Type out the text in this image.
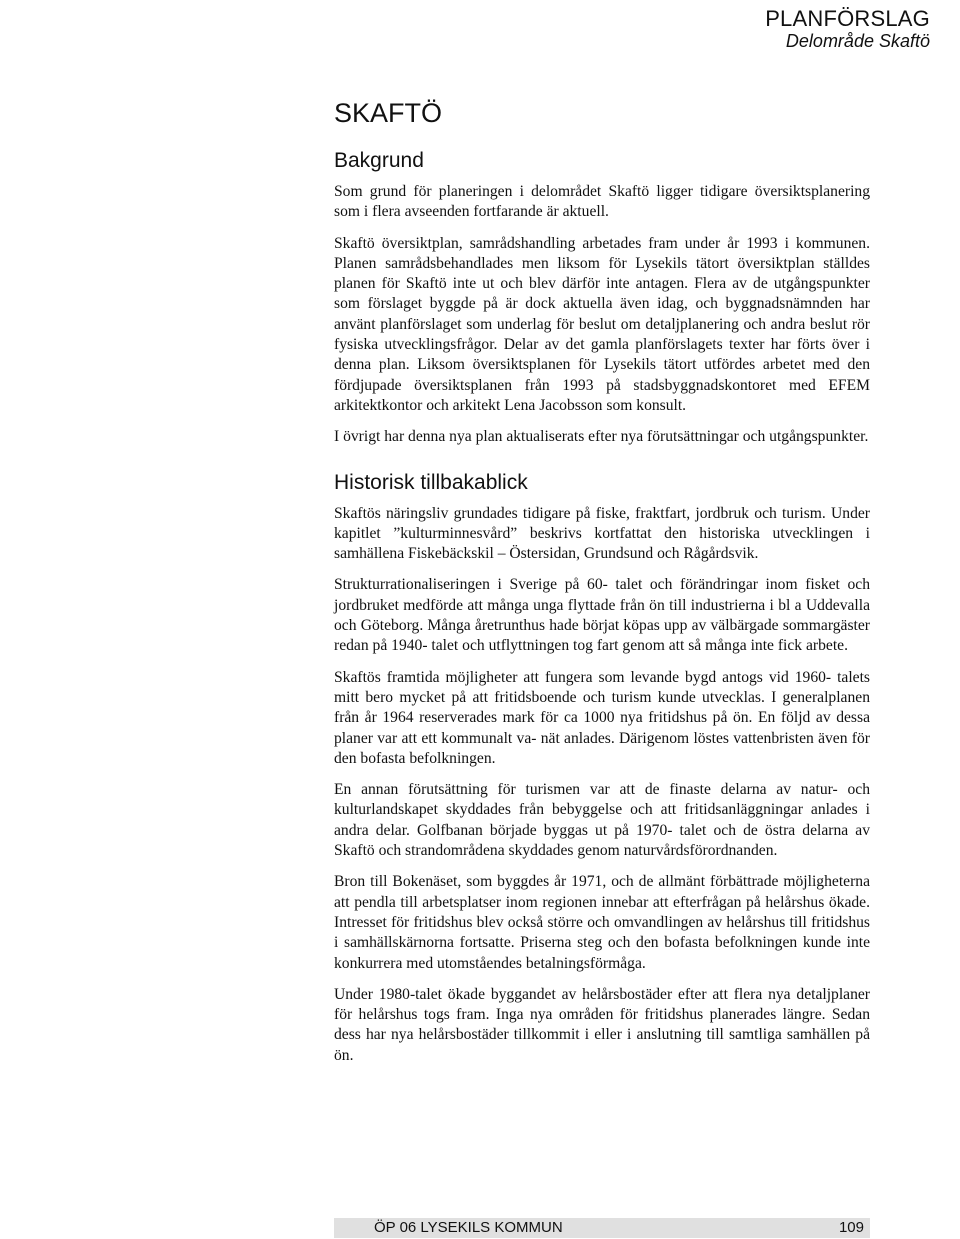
PLANFÖRSLAG
Delområde Skaftö
SKAFTÖ
Bakgrund

Som grund för planeringen i delområdet Skaftö ligger tidigare översiktsplanering som i flera avseenden fortfarande är aktuell.

Skaftö översiktplan, samrådshandling arbetades fram under år 1993 i kommunen. Planen samrådsbehandlades men liksom för Lysekils tätort översiktplan ställdes planen för Skaftö inte ut och blev därför inte antagen. Flera av de utgångspunkter som förslaget byggde på är dock aktuella även idag, och byggnadsnämnden har använt planförslaget som underlag för beslut om detaljplanering och andra beslut rör fysiska utvecklingsfrågor. Delar av det gamla planförslagets texter har förts över i denna plan. Liksom översiktsplanen för Lysekils tätort utfördes arbetet med den fördjupade översiktsplanen från 1993 på stadsbyggnadskontoret med EFEM arkitektkontor och arkitekt Lena Jacobsson som konsult.

I övrigt har denna nya plan aktualiserats efter nya förutsättningar och utgångspunkter.

Historisk tillbakablick

Skaftös näringsliv grundades tidigare på fiske, fraktfart, jordbruk och turism. Under kapitlet ”kulturminnesvård” beskrivs kortfattat den historiska utvecklingen i samhällena Fiskebäckskil – Östersidan, Grundsund och Rågårdsvik.

Strukturrationaliseringen i Sverige på 60- talet och förändringar inom fisket och jordbruket medförde att många unga flyttade från ön till industrierna i bl a Uddevalla och Göteborg. Många åretrunthus hade börjat köpas upp av välbärgade sommargäster redan på 1940- talet och utflyttningen tog fart genom att så många inte fick arbete.

Skaftös framtida möjligheter att fungera som levande bygd antogs vid 1960- talets mitt bero mycket på att fritidsboende och turism kunde utvecklas. I generalplanen från år 1964 reserverades mark för ca 1000 nya fritidshus på ön. En följd av dessa planer var att ett kommunalt va- nät anlades. Därigenom löstes vattenbristen även för den bofasta befolkningen.

En annan förutsättning för turismen var att de finaste delarna av natur- och kulturlandskapet skyddades från bebyggelse och att fritidsanläggningar anlades i andra delar. Golfbanan började byggas ut på 1970- talet och de östra delarna av Skaftö och strandområdena skyddades genom naturvårdsförordnanden.

Bron till Bokenäset, som byggdes år 1971, och de allmänt förbättrade möjligheterna att pendla till arbetsplatser inom regionen innebar att efterfrågan på helårshus ökade. Intresset för fritidshus blev också större och omvandlingen av helårshus till fritidshus i samhällskärnorna fortsatte. Priserna steg och den bofasta befolkningen kunde inte konkurrera med utomståendes betalningsförmåga.

Under 1980-talet ökade byggandet av helårsbostäder efter att flera nya detaljplaner för helårshus togs fram. Inga nya områden för fritidshus planerades längre. Sedan dess har nya helårsbostäder tillkommit i eller i anslutning till samtliga samhällen på ön.

ÖP 06 LYSEKILS KOMMUN	109
